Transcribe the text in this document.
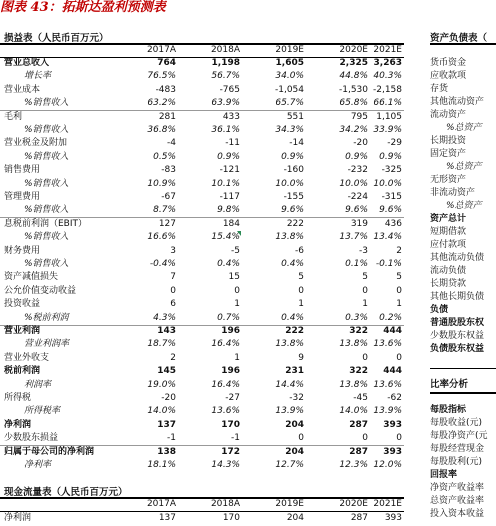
图表 43：拓斯达盈利预测表
损益表（人民币百万元）
2017A	2018A	2019E	2020E 2021E
营业总收入	764	1,198	1,605	2,325 3,263
增长率	76.5%	56.7%	34.0%	44.8% 40.3%
营业成本	-483	-765	-1,054	-1,530 -2,158
%销售收入	63.2%	63.9%	65.7%	65.8% 66.1%
毛利	281	433	551	795 1,105
%销售收入	36.8%	36.1%	34.3%	34.2% 33.9%
营业税金及附加	-4	-11	-14	-20	-29
%销售收入	0.5%	0.9%	0.9%	0.9%	0.9%
销售费用	-83	-121	-160	-232	-325
%销售收入	10.9%	10.1%	10.0%	10.0% 10.0%
管理费用	-67	-117	-155	-224	-315
%销售收入	8.7%	9.8%	9.6%	9.6%	9.6%
息税前利润（EBIT）	127	184	222	319	436
%销售收入	16.6%	15.4%	13.8%	13.7% 13.4%
财务费用	3	-5	-6	-3	2
%销售收入	-0.4%	0.4%	0.4%	0.1% -0.1%
资产减值损失	7	15	5	5	5
公允价值变动收益	0	0	0	0	0
投资收益	6	1	1	1	1
%税前利润	4.3%	0.7%	0.4%	0.3%	0.2%
营业利润	143	196	222	322	444
营业利润率	18.7%	16.4%	13.8%	13.8% 13.6%
营业外收支	2	1	9	0	0
税前利润	145	196	231	322	444
利润率	19.0%	16.4%	14.4%	13.8% 13.6%
所得税	-20	-27	-32	-45	-62
所得税率	14.0%	13.6%	13.9%	14.0% 13.9%
净利润	137	170	204	287	393
少数股东损益	-1	-1	0	0	0
归属于母公司的净利润	138	172	204	287	393
净利率	18.1%	14.3%	12.7%	12.3% 12.0%
现金流量表（人民币百万元）
2017A	2018A	2019E	2020E 2021E
净利润	137	170	204	287	393
资产负债表（
货币资金
应收款项
存货
其他流动资产
流动资产
%总资产
长期投资
固定资产
%总资产
无形资产
非流动资产
%总资产
资产总计
短期借款
应付款项
其他流动负债
流动负债
长期贷款
其他长期负债
负债
普通股股东权
少数股东权益
负债股东权益
比率分析
每股指标
每股收益(元)
每股净资产(元
每股经营现金
每股股利(元)
回报率
净资产收益率
总资产收益率
投入资本收益
